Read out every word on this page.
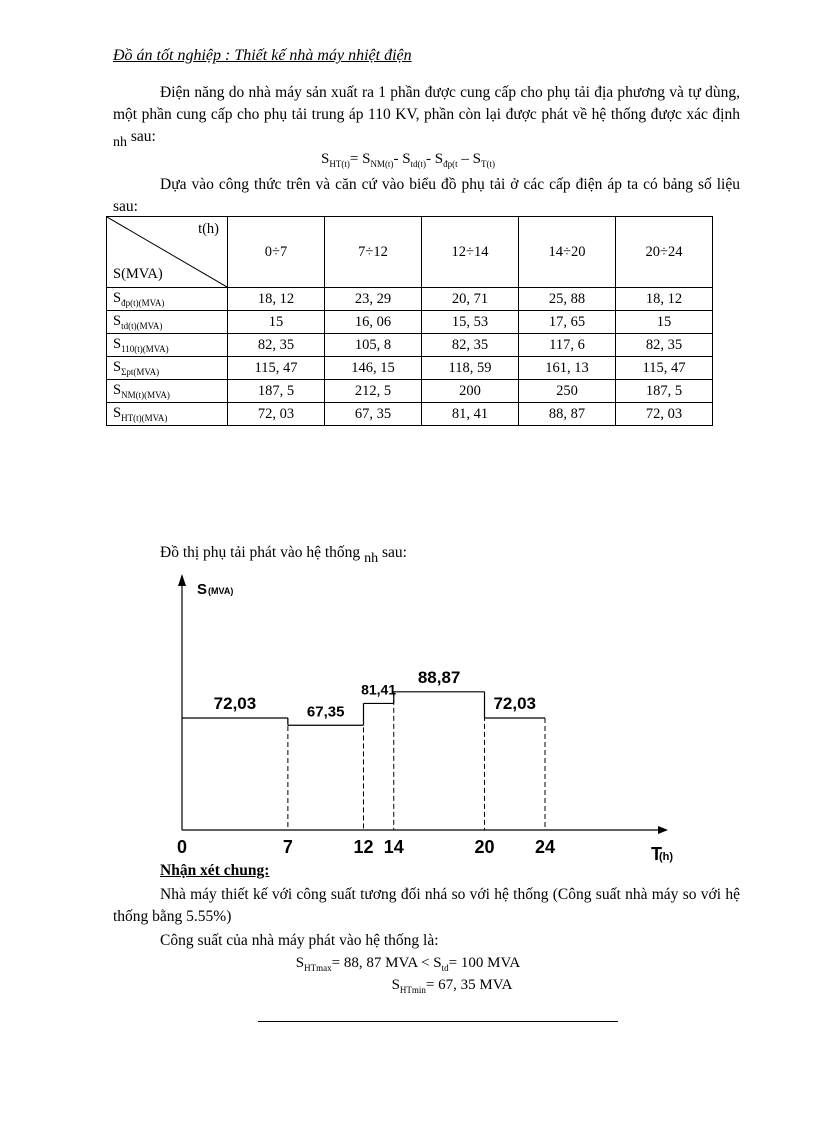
Đồ án tốt nghiệp : Thiết kế nhà máy nhiệt điện
Điện năng do nhà máy sản xuất ra 1 phần được cung cấp cho phụ tải địa phương và tự dùng, một phần cung cấp cho phụ tải trung áp 110 KV, phần còn lại được phát về hệ thống được xác định $_{nh}$ sau:
$S_{HT(t)}= S_{NM(t)}-$ $S_{td(t)}-$ $S_{đp(t} - S_{T(t)}$
Dựa vào công thức trên và căn cứ vào biểu đồ phụ tải ở các cấp điện áp ta có bảng số liệu sau:
t(h)
S(MVA)	0÷7	7÷12	12÷14	14÷20	20÷24
$S_{đp(t)(MVA)}$	18, 12	23, 29	20, 71	25, 88	18, 12
$S_{td(t)(MVA)}$	15	16, 06	15, 53	17, 65	15
$S_{110(t)(MVA)}$	82, 35	105, 8	82, 35	117, 6	82, 35
$S_{\Sigma pt(MVA)}$	115, 47	146, 15	118, 59	161, 13	115, 47
$S_{NM(t)(MVA)}$	187, 5	212, 5	200	250	187, 5
$S_{HT(t)(MVA)}$	72, 03	67, 35	81, 41	88, 87	72, 03
Đồ thị phụ tải phát vào hệ thống $_{nh}$ sau:
S (MVA)
T
(h)
72,03	67,35
81,41
88,87
72,03
0	7	12 14	20 24
Nhận xét chung:
Nhà máy thiết kế với công suất tương đối nhá so với hệ thống (Công suất nhà máy so với hệ thống bằng 5.55%)
Công suất của nhà máy phát vào hệ thống là:
$S_{HTmax}= 88$, 87 MVA < $S_{td}= 100$ MVA
$S_{HTmin}= 67$, 35 MVA
